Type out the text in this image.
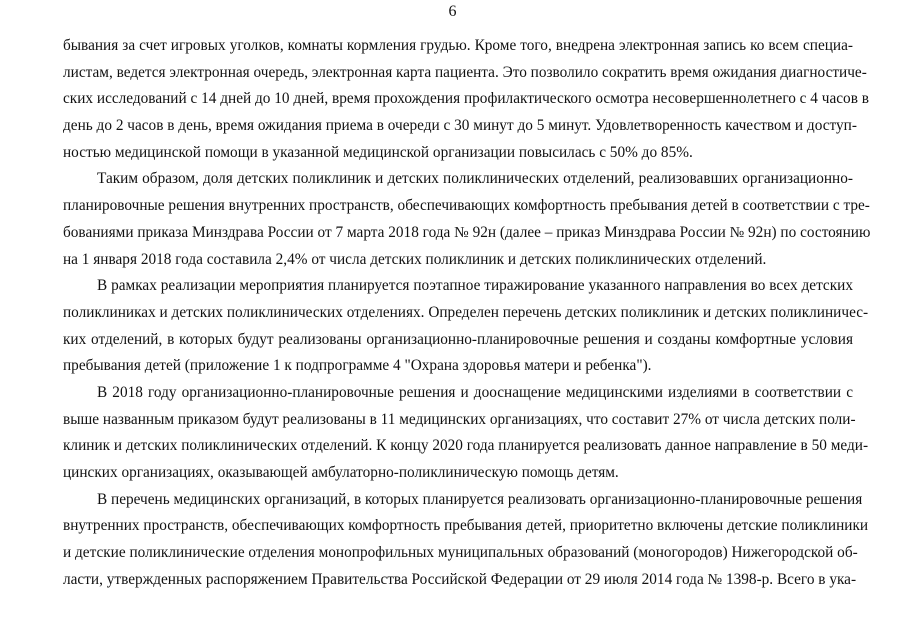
6
бывания за счет игровых уголков, комнаты кормления грудью. Кроме того, внедрена электронная запись ко всем специа-
листам, ведется электронная очередь, электронная карта пациента. Это позволило сократить время ожидания диагностиче-
ских исследований с 14 дней до 10 дней, время прохождения профилактического осмотра несовершеннолетнего с 4 часов в
день до 2 часов в день, время ожидания приема в очереди с 30 минут до 5 минут. Удовлетворенность качеством и доступ-
ностью медицинской помощи в указанной медицинской организации повысилась с 50% до 85%.
Таким образом, доля детских поликлиник и детских поликлинических отделений, реализовавших организационно-
планировочные решения внутренних пространств, обеспечивающих комфортность пребывания детей в соответствии с тре-
бованиями приказа Минздрава России от 7 марта 2018 года № 92н (далее – приказ Минздрава России № 92н) по состоянию
на 1 января 2018 года составила 2,4% от числа детских поликлиник и детских поликлинических отделений.
В рамках реализации мероприятия планируется поэтапное тиражирование указанного направления во всех детских
поликлиниках и детских поликлинических отделениях. Определен перечень детских поликлиник и детских поликлиничес-
ких отделений, в которых будут реализованы организационно-планировочные решения и созданы комфортные условия
пребывания детей (приложение 1 к подпрограмме 4 "Охрана здоровья матери и ребенка").
В 2018 году организационно-планировочные решения и дооснащение медицинскими изделиями в соответствии с
выше названным приказом будут реализованы в 11 медицинских организациях, что составит 27% от числа детских поли-
клиник и детских поликлинических отделений. К концу 2020 года планируется реализовать данное направление в 50 меди-
цинских организациях, оказывающей амбулаторно-поликлиническую помощь детям.
В перечень медицинских организаций, в которых планируется реализовать организационно-планировочные решения
внутренних пространств, обеспечивающих комфортность пребывания детей, приоритетно включены детские поликлиники
и детские поликлинические отделения монопрофильных муниципальных образований (моногородов) Нижегородской об-
ласти, утвержденных распоряжением Правительства Российской Федерации от 29 июля 2014 года № 1398-р. Всего в ука-
